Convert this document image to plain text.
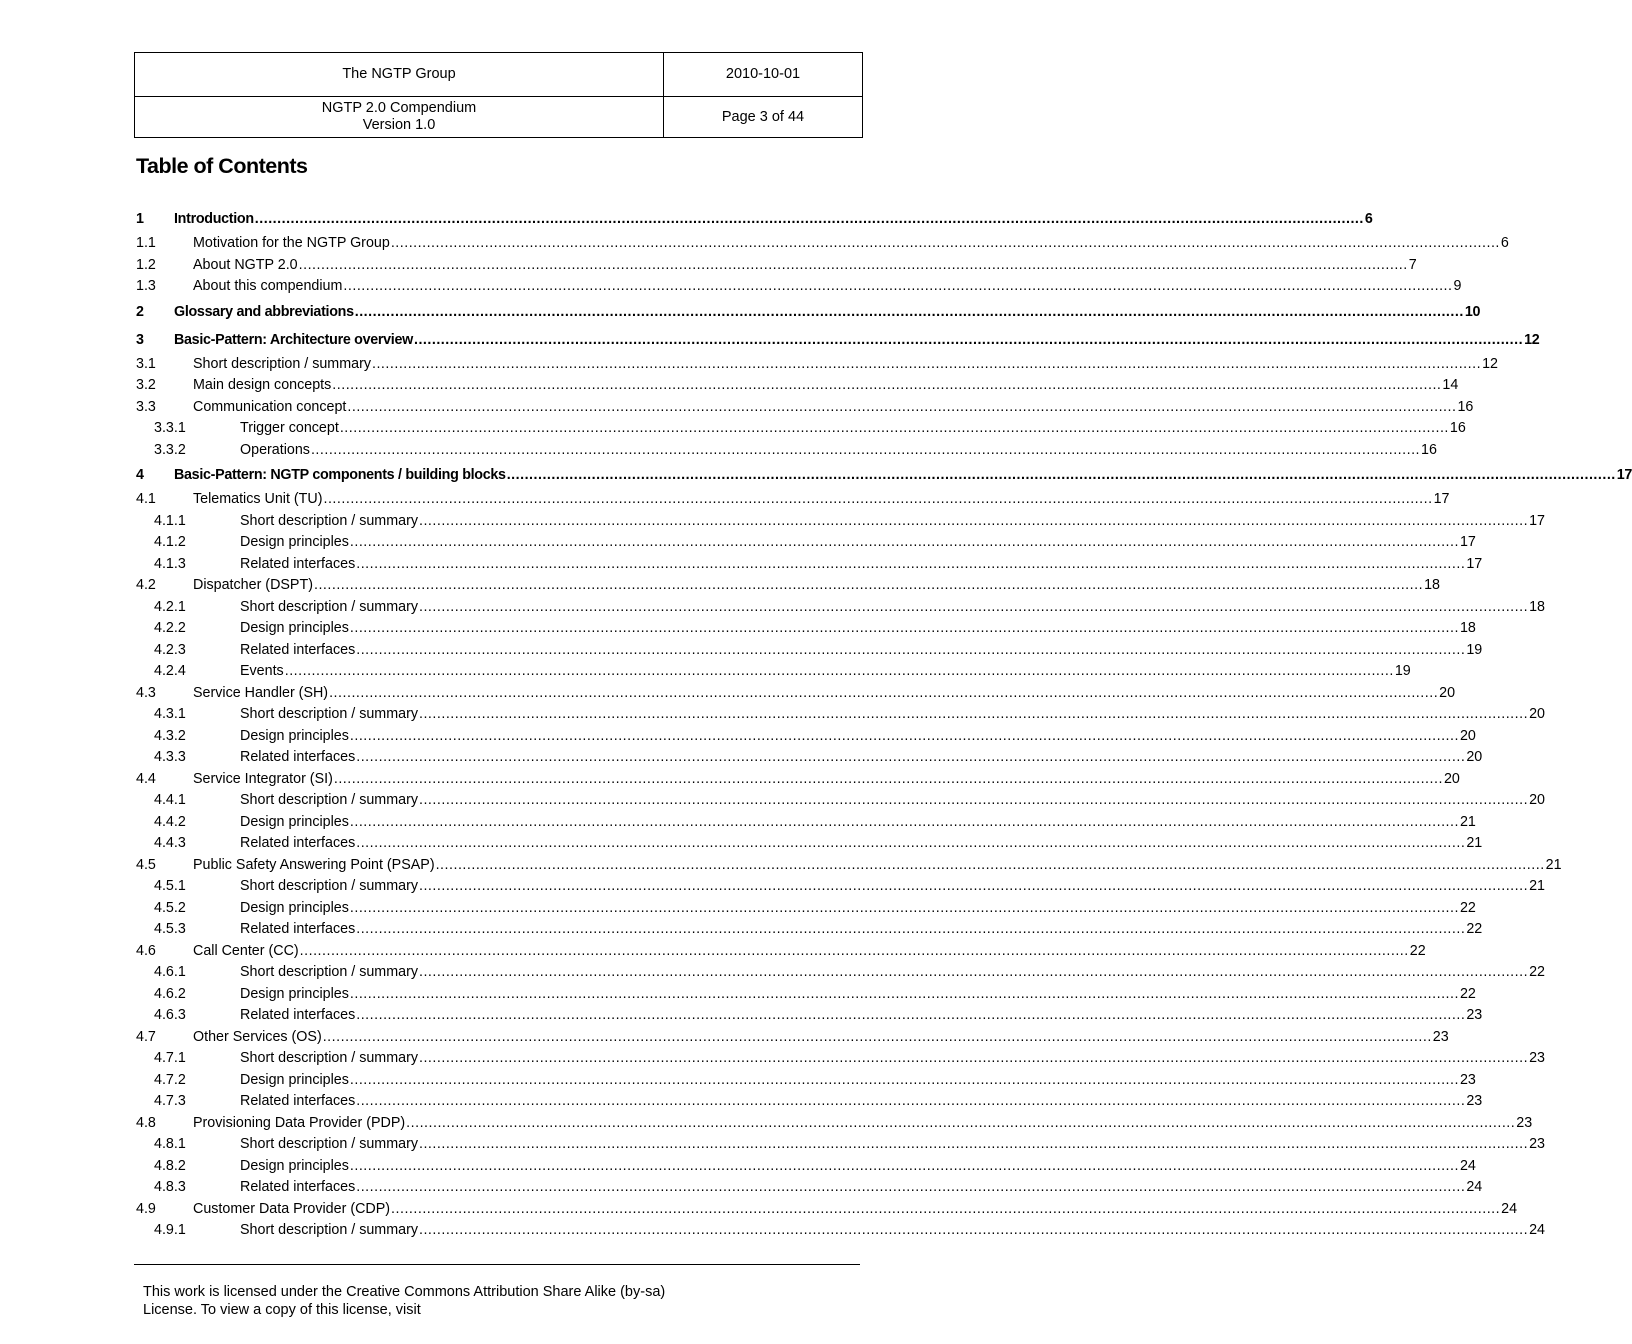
The NGTP Group	2010-10-01

NGTP 2.0 Compendium
Version 1.0	Page 3 of 44
Table of Contents
1	Introduction .....	6
1.1	Motivation for the NGTP Group .....	6
1.2	About NGTP 2.0 .....	7
1.3	About this compendium .....	9
2	Glossary and abbreviations .....	10
3	Basic-Pattern: Architecture overview .....	12
3.1	Short description / summary .....	12
3.2	Main design concepts .....	14
3.3	Communication concept .....	16
3.3.1	Trigger concept .....	16
3.3.2	Operations .....	16
4	Basic-Pattern: NGTP components / building blocks .....	17
4.1	Telematics Unit (TU) .....	17
4.1.1	Short description / summary .....	17
4.1.2	Design principles .....	17
4.1.3	Related interfaces .....	17
4.2	Dispatcher (DSPT) .....	18
4.2.1	Short description / summary .....	18
4.2.2	Design principles .....	18
4.2.3	Related interfaces .....	19
4.2.4	Events .....	19
4.3	Service Handler (SH) .....	20
4.3.1	Short description / summary .....	20
4.3.2	Design principles .....	20
4.3.3	Related interfaces .....	20
4.4	Service Integrator (SI) .....	20
4.4.1	Short description / summary .....	20
4.4.2	Design principles .....	21
4.4.3	Related interfaces .....	21
4.5	Public Safety Answering Point (PSAP) .....	21
4.5.1	Short description / summary .....	21
4.5.2	Design principles .....	22
4.5.3	Related interfaces .....	22
4.6	Call Center (CC) .....	22
4.6.1	Short description / summary .....	22
4.6.2	Design principles .....	22
4.6.3	Related interfaces .....	23
4.7	Other Services (OS) .....	23
4.7.1	Short description / summary .....	23
4.7.2	Design principles .....	23
4.7.3	Related interfaces .....	23
4.8	Provisioning Data Provider (PDP) .....	23
4.8.1	Short description / summary .....	23
4.8.2	Design principles .....	24
4.8.3	Related interfaces .....	24
4.9	Customer Data Provider (CDP) .....	24
4.9.1	Short description / summary .....	24
This work is licensed under the Creative Commons Attribution Share Alike (by-sa)
License. To view a copy of this license, visit
